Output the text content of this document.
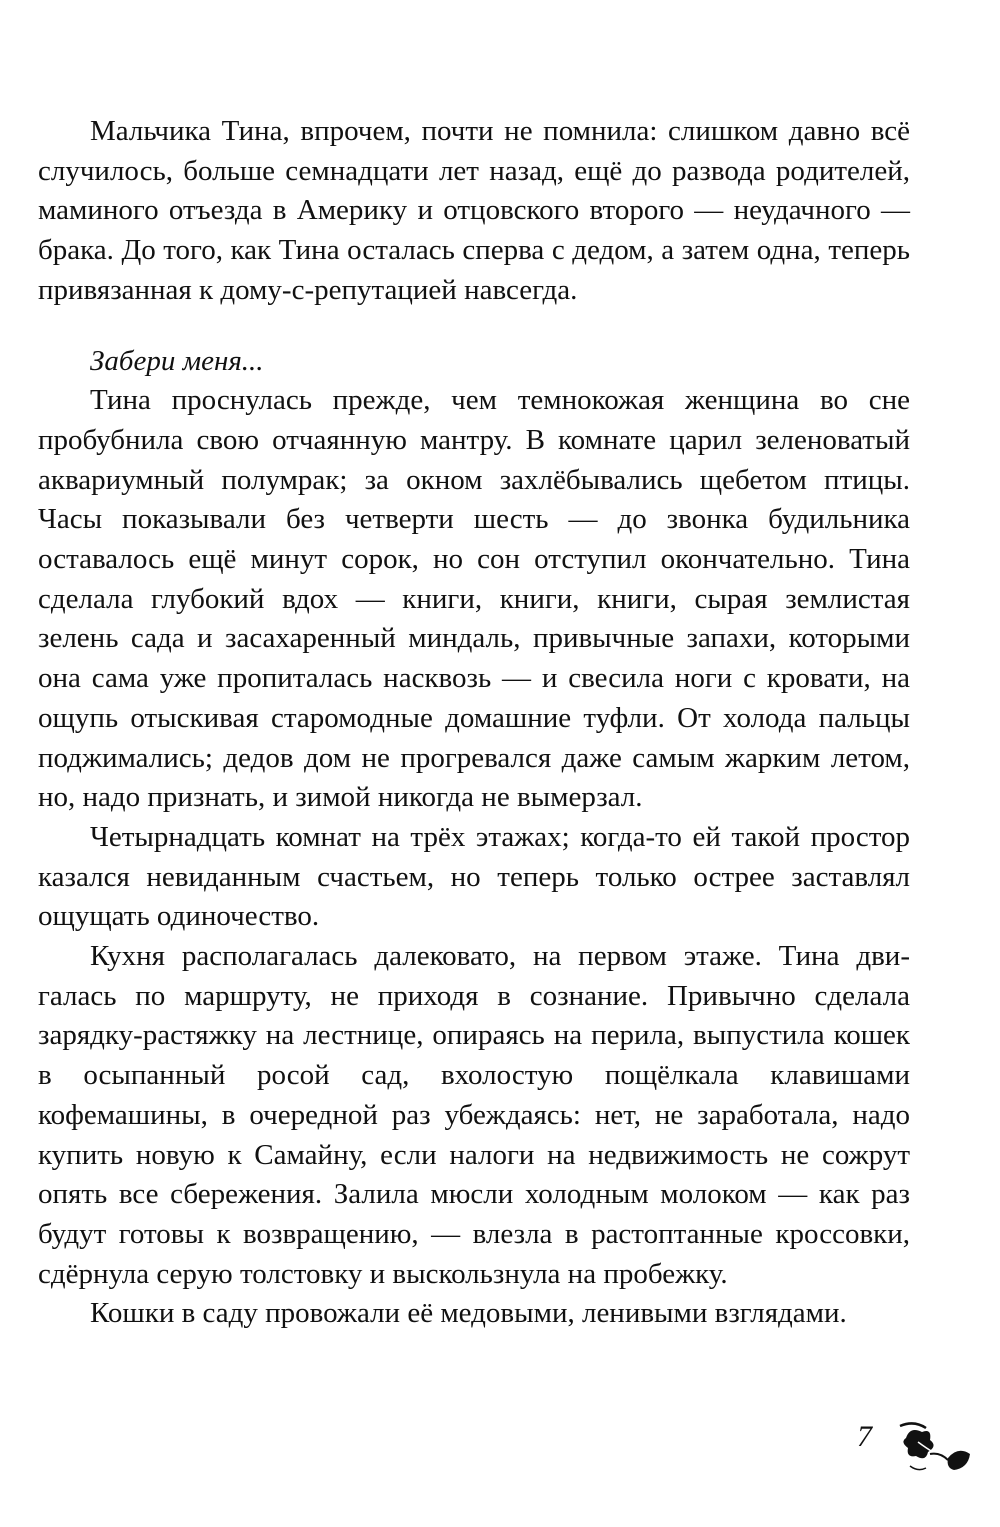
Мальчика Тина, впрочем, почти не помнила: слишком давно всё случилось, больше семнадцати лет назад, ещё до развода родителей, маминого отъезда в Америку и отцовского второго — неудачного — брака. До того, как Тина осталась сперва с дедом, а затем одна, теперь привязанная к дому-с-репутацией навсегда.

Забери меня...

Тина проснулась прежде, чем темнокожая женщина во сне пробубнила свою отчаянную мантру. В комнате царил зеленоватый аквариумный полумрак; за окном захлёбывались щебетом птицы. Часы показывали без четверти шесть — до звонка будильника оставалось ещё минут сорок, но сон отступил окончательно. Тина сделала глубокий вдох — книги, книги, книги, сырая землистая зелень сада и засахаренный миндаль, привычные запахи, которыми она сама уже пропиталась насквозь — и свесила ноги с кровати, на ощупь отыскивая старомодные домашние туфли. От холода пальцы поджимались; дедов дом не прогревался даже самым жарким летом, но, надо признать, и зимой никогда не вымерзал.

Четырнадцать комнат на трёх этажах; когда-то ей такой простор казался невиданным счастьем, но теперь только острее заставлял ощущать одиночество.

Кухня располагалась далековато, на первом этаже. Тина двигалась по маршруту, не приходя в сознание. Привычно сделала зарядку-растяжку на лестнице, опираясь на перила, выпустила кошек в осыпанный росой сад, вхолостую пощёлкала клавишами кофемашины, в очередной раз убеждаясь: нет, не заработала, надо купить новую к Самайну, если налоги на недвижимость не сожрут опять все сбережения. Залила мюсли холодным молоком — как раз будут готовы к возвращению, — влезла в растоптанные кроссовки, сдёрнула серую толстовку и выскользнула на пробежку.

Кошки в саду провожали её медовыми, ленивыми взглядами.

7
